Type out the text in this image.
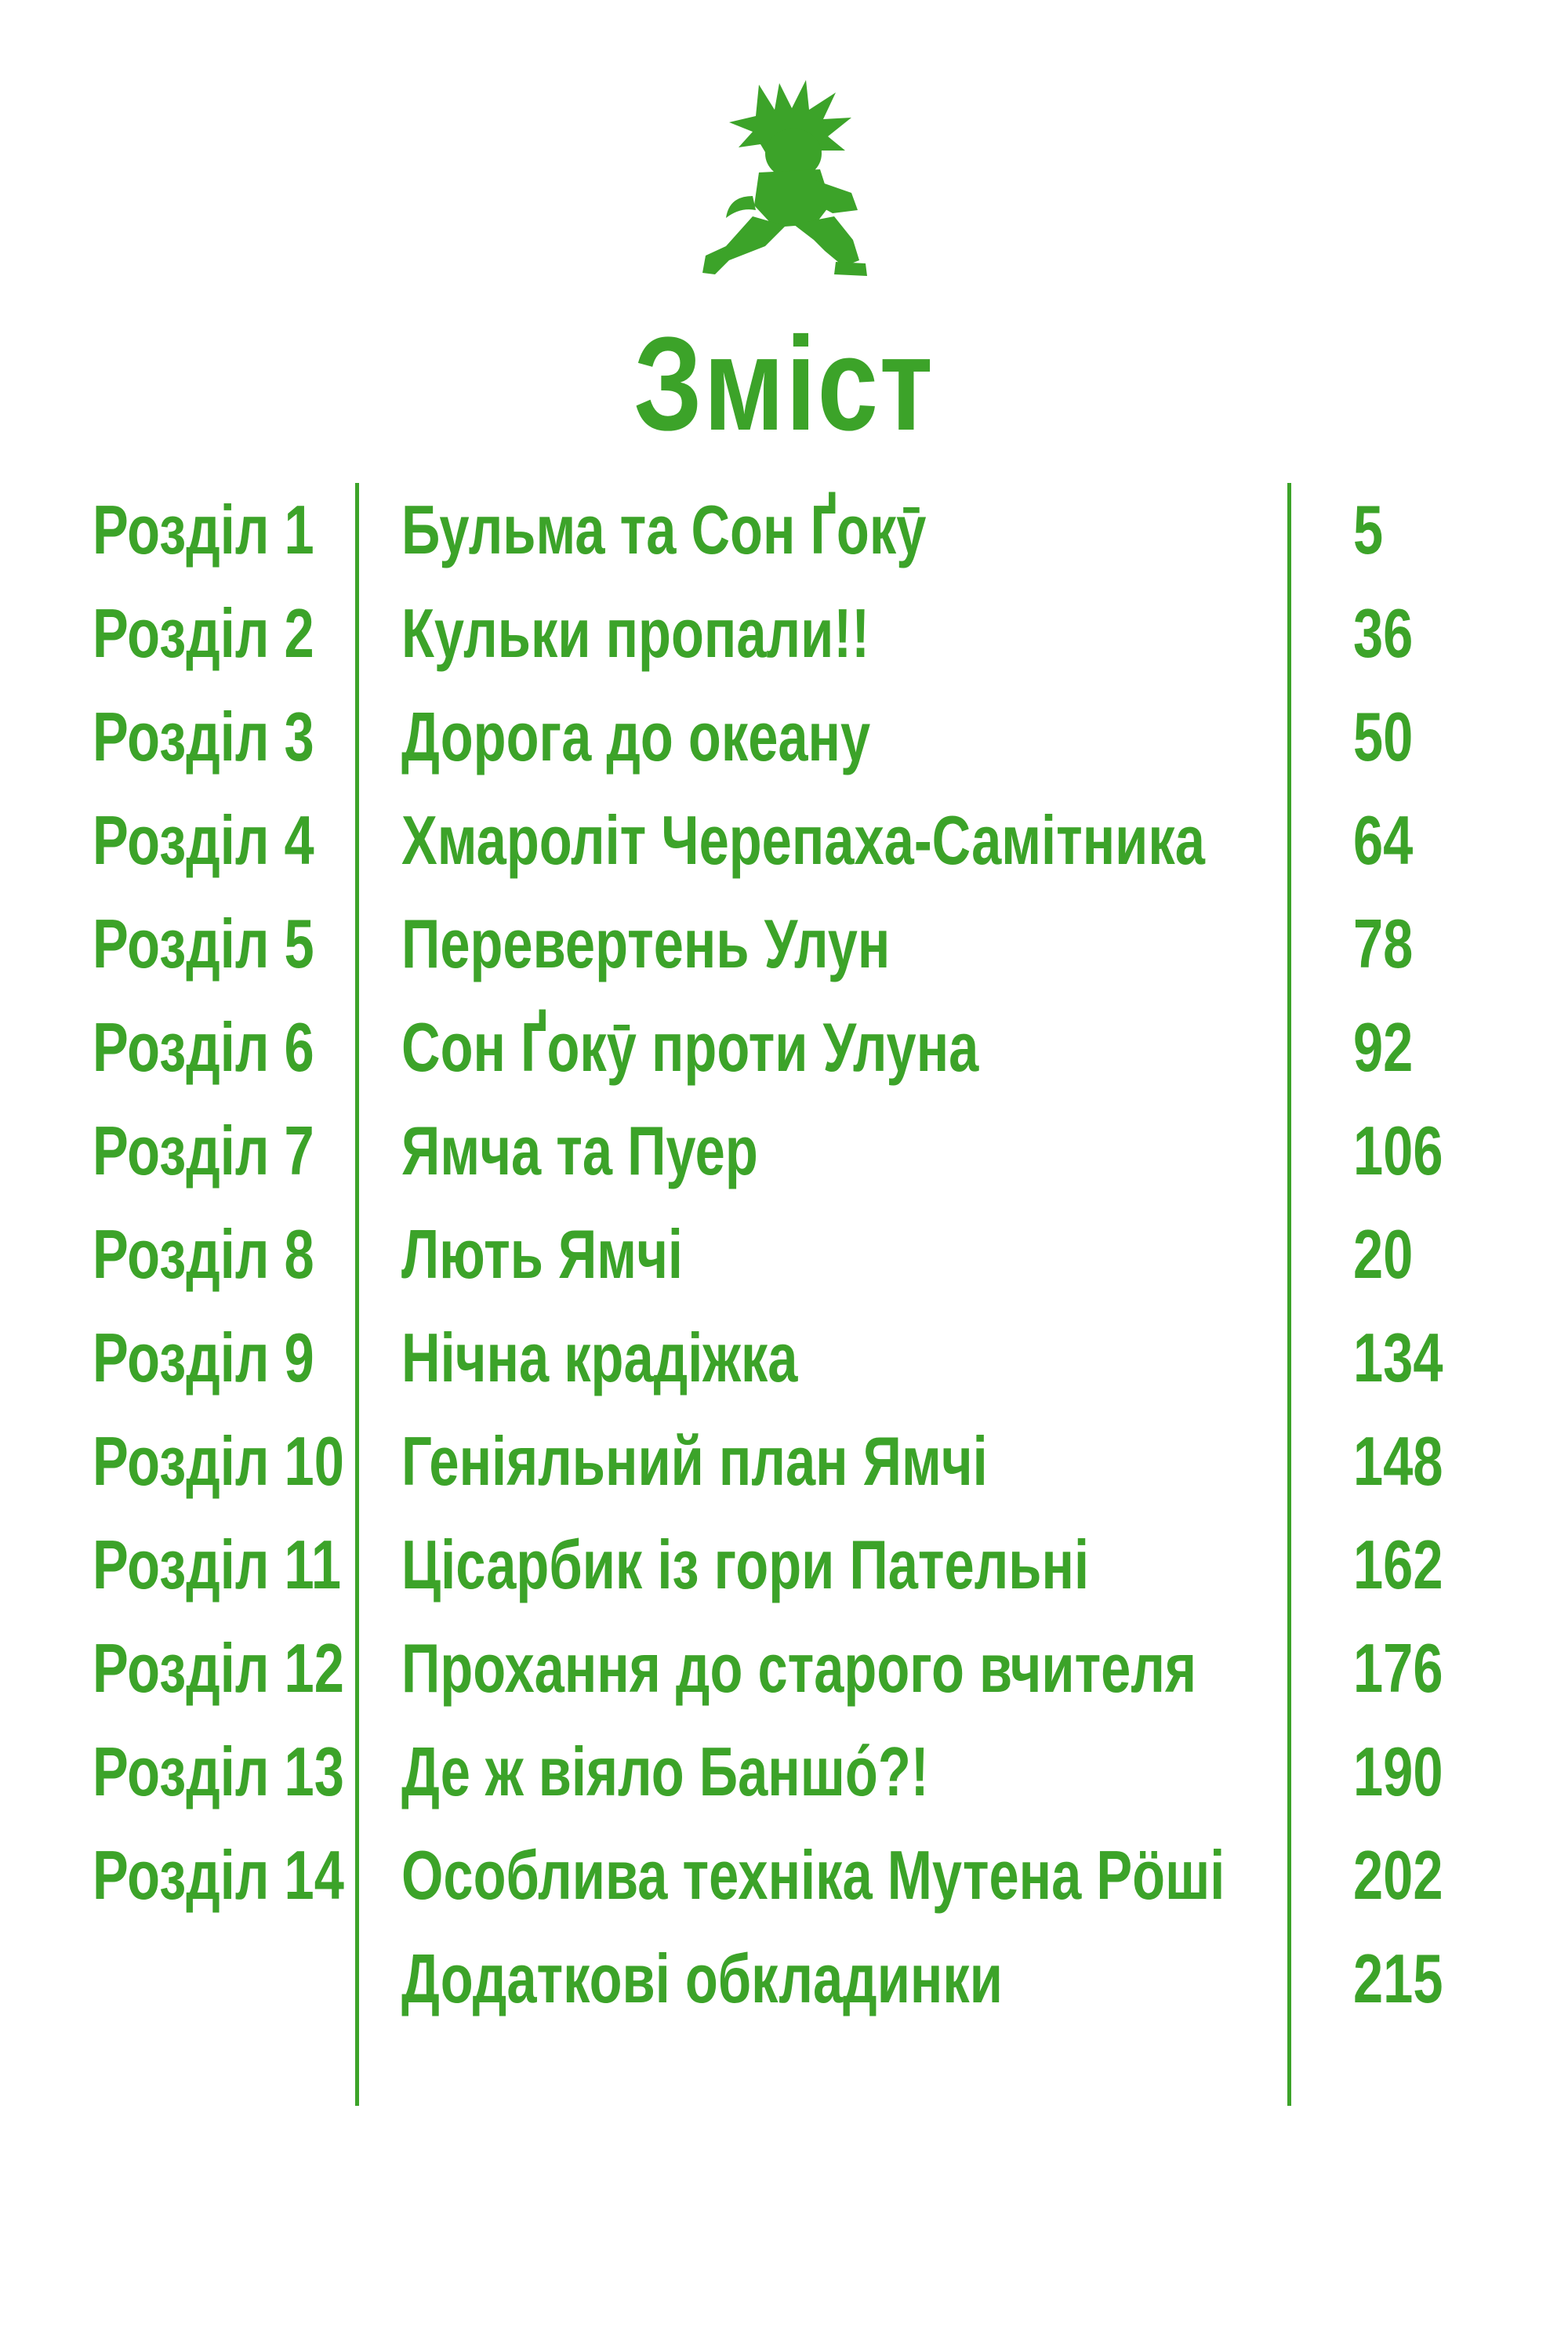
Зміст
Розділ 1 Бульма та Сон Ґокӯ	5
Розділ 2 Кульки пропали!!	36
Розділ 3 Дорога до океану	50
Розділ 4 Хмароліт Черепаха-Самітника 64
Розділ 5 Перевертень Улун	78
Розділ 6 Сон Ґокӯ проти Улуна	92
Розділ 7 Ямча та Пуер	106
Розділ 8 Лють Ямчі	20
Розділ 9 Нічна крадіжка	134
Розділ 10 Геніяльний план Ямчі	148
Розділ 11 Цісарбик із гори Пательні	162
Розділ 12 Прохання до старого вчителя 176
Розділ 13 Де ж віяло Баншо́?!	190
Розділ 14 Особлива техніка Мутена Рӧші 202
Додаткові обкладинки	215
